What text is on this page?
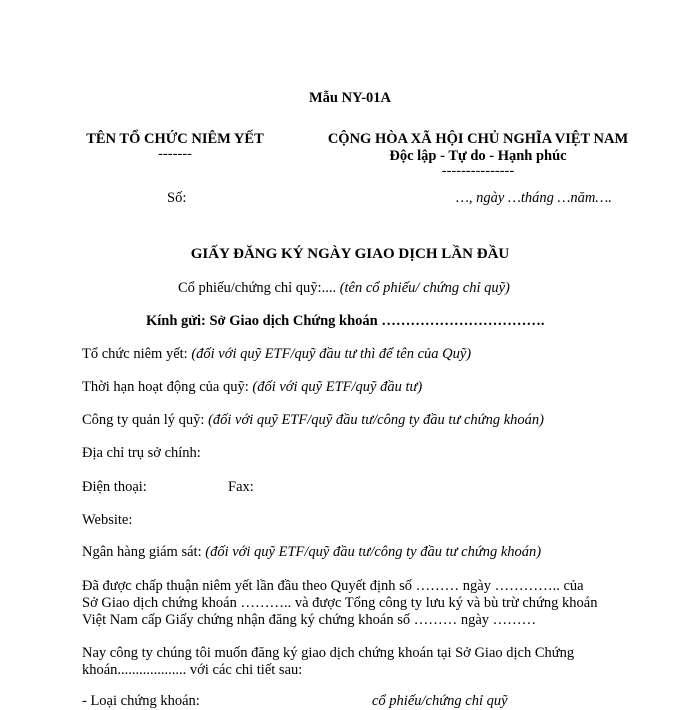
Mẫu NY-01A
TÊN TỔ CHỨC NIÊM YẾT
-------
CỘNG HÒA XÃ HỘI CHỦ NGHĨA VIỆT NAM
Độc lập - Tự do - Hạnh phúc
---------------
Số:	…, ngày …tháng …năm….
GIẤY ĐĂNG KÝ NGÀY GIAO DỊCH LẦN ĐẦU
Cổ phiếu/chứng chỉ quỹ:.... (tên cổ phiếu/ chứng chỉ quỹ)
Kính gửi: Sở Giao dịch Chứng khoán …………………………….
Tổ chức niêm yết: (đối với quỹ ETF/quỹ đầu tư thì để tên của Quỹ)
Thời hạn hoạt động của quỹ: (đối với quỹ ETF/quỹ đầu tư)
Công ty quản lý quỹ: (đối với quỹ ETF/quỹ đầu tư/công ty đầu tư chứng khoán)
Địa chỉ trụ sở chính:
Điện thoại:	Fax:
Website:
Ngân hàng giám sát: (đối với quỹ ETF/quỹ đầu tư/công ty đầu tư chứng khoán)
Đã được chấp thuận niêm yết lần đầu theo Quyết định số ……… ngày ………….. của
Sở Giao dịch chứng khoán ……….. và được Tổng công ty lưu ký và bù trừ chứng khoán
Việt Nam cấp Giấy chứng nhận đăng ký chứng khoán số ……… ngày ………
Nay công ty chúng tôi muốn đăng ký giao dịch chứng khoán tại Sở Giao dịch Chứng
khoán................... với các chi tiết sau:
- Loại chứng khoán:	cổ phiếu/chứng chỉ quỹ
